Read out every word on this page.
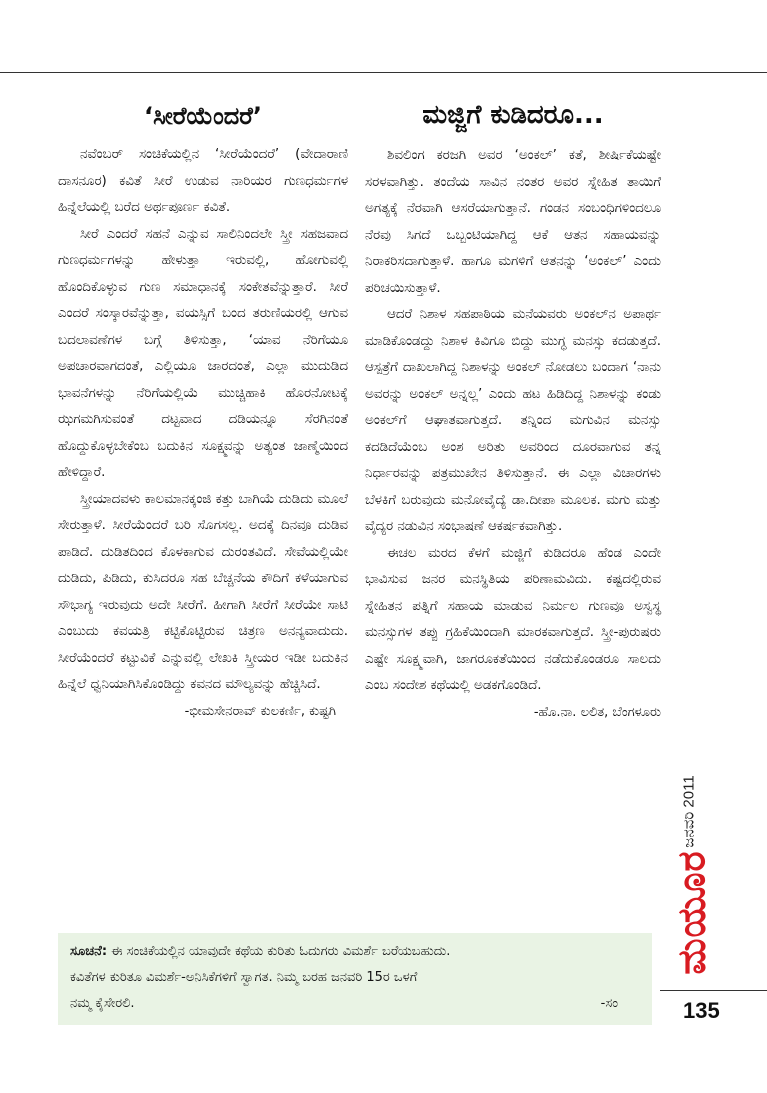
‘ಸೀರೆಯೆಂದರೆ’

ನವೆಂಬರ್ ಸಂಚಿಕೆಯಲ್ಲಿನ ‘ಸೀರೆಯೆಂದರೆ’ (ವೇದಾರಾಣಿ ದಾಸನೂರ) ಕವಿತೆ ಸೀರೆ ಉಡುವ ನಾರಿಯರ ಗುಣಧರ್ಮಗಳ ಹಿನ್ನೆಲೆಯಲ್ಲಿ ಬರೆದ ಅರ್ಥಪೂರ್ಣ ಕವಿತೆ.

ಸೀರೆ ಎಂದರೆ ಸಹನೆ ಎನ್ನುವ ಸಾಲಿನಿಂದಲೇ ಸ್ತ್ರೀ ಸಹಜವಾದ ಗುಣಧರ್ಮಗಳನ್ನು ಹೇಳುತ್ತಾ ಇರುವಲ್ಲಿ, ಹೋಗುವಲ್ಲಿ ಹೊಂದಿಕೊಳ್ಳುವ ಗುಣ ಸಮಾಧಾನಕ್ಕೆ ಸಂಕೇತವೆನ್ನುತ್ತಾರೆ. ಸೀರೆ ಎಂದರೆ ಸಂಸ್ಕಾರವೆನ್ನುತ್ತಾ, ವಯಸ್ಸಿಗೆ ಬಂದ ತರುಣಿಯರಲ್ಲಿ ಆಗುವ ಬದಲಾವಣೆಗಳ ಬಗ್ಗೆ ತಿಳಿಸುತ್ತಾ, ‘ಯಾವ ನೆರಿಗೆಯೂ ಅಪಚಾರವಾಗದಂತೆ, ಎಲ್ಲಿಯೂ ಜಾರದಂತೆ, ಎಲ್ಲಾ ಮುದುಡಿದ ಭಾವನೆಗಳನ್ನು ನೆರಿಗೆಯಲ್ಲಿಯೆ ಮುಚ್ಚಿಹಾಕಿ ಹೊರನೋಟಕ್ಕೆ ಝಗಮಗಿಸುವಂತೆ ದಟ್ಟವಾದ ದಡಿಯನ್ನೂ ಸೆರಗಿನಂತೆ ಹೊದ್ದುಕೊಳ್ಳಬೇಕೆಂಬ ಬದುಕಿನ ಸೂಕ್ಷ್ಮವನ್ನು ಅತ್ಯಂತ ಜಾಣ್ಮೆಯಿಂದ ಹೇಳಿದ್ದಾರೆ.

ಸ್ತ್ರೀಯಾದವಳು ಕಾಲಮಾನಕ್ಕಂಜಿ ಕತ್ತು ಬಾಗಿಯೆ ದುಡಿದು ಮೂಲೆ ಸೇರುತ್ತಾಳೆ. ಸೀರೆಯೆಂದರೆ ಬರಿ ಸೊಗಸಲ್ಲ. ಅದಕ್ಕೆ ದಿನವೂ ದುಡಿವ ಪಾಡಿದೆ. ದುಡಿತದಿಂದ ಕೊಳಕಾಗುವ ದುರಂತವಿದೆ. ಸೇವೆಯಲ್ಲಿಯೇ ದುಡಿದು, ಪಿಡಿದು, ಕುಸಿದರೂ ಸಹ ಬೆಚ್ಚನೆಯ ಕೌದಿಗೆ ಕಳೆಯಾಗುವ ಸೌಭಾಗ್ಯ ಇರುವುದು ಅದೇ ಸೀರೆಗೆ. ಹೀಗಾಗಿ ಸೀರೆಗೆ ಸೀರೆಯೇ ಸಾಟಿ ಎಂಬುದು ಕವಯತ್ರಿ ಕಟ್ಟಿಕೊಟ್ಟಿರುವ ಚಿತ್ರಣ ಅನನ್ಯವಾದುದು. ಸೀರೆಯೆಂದರೆ ಕಟ್ಟುವಿಕೆ ಎನ್ನುವಲ್ಲಿ ಲೇಖಕಿ ಸ್ತ್ರೀಯರ ಇಡೀ ಬದುಕಿನ ಹಿನ್ನೆಲೆ ಧ್ವನಿಯಾಗಿಸಿಕೊಂಡಿದ್ದು ಕವನದ ಮೌಲ್ಯವನ್ನು ಹೆಚ್ಚಿಸಿದೆ.

-ಭೀಮಸೇನರಾವ್ ಕುಲಕರ್ಣಿ, ಕುಷ್ಟಗಿ
ಮಜ್ಜಿಗೆ ಕುಡಿದರೂ...

ಶಿವಲಿಂಗ ಕರಜಗಿ ಅವರ ‘ಅಂಕಲ್’ ಕತೆ, ಶೀರ್ಷಿಕೆಯಷ್ಟೇ ಸರಳವಾಗಿತ್ತು. ತಂದೆಯ ಸಾವಿನ ನಂತರ ಅವರ ಸ್ನೇಹಿತ ತಾಯಿಗೆ ಅಗತ್ಯಕ್ಕೆ ನೆರವಾಗಿ ಆಸರೆಯಾಗುತ್ತಾನೆ. ಗಂಡನ ಸಂಬಂಧಿಗಳಿಂದಲೂ ನೆರವು ಸಿಗದೆ ಒಬ್ಬಂಟಿಯಾಗಿದ್ದ ಆಕೆ ಆತನ ಸಹಾಯವನ್ನು ನಿರಾಕರಿಸದಾಗುತ್ತಾಳೆ. ಹಾಗೂ ಮಗಳಿಗೆ ಆತನನ್ನು ‘ಅಂಕಲ್’ ಎಂದು ಪರಿಚಯಿಸುತ್ತಾಳೆ.

ಆದರೆ ನಿಶಾಳ ಸಹಪಾಠಿಯ ಮನೆಯವರು ಅಂಕಲ್‌ನ ಅಪಾರ್ಥ ಮಾಡಿಕೊಂಡದ್ದು ನಿಶಾಳ ಕಿವಿಗೂ ಬಿದ್ದು ಮುಗ್ಧ ಮನಸ್ಸು ಕದಡುತ್ತದೆ. ಆಸ್ಪತ್ರೆಗೆ ದಾಖಲಾಗಿದ್ದ ನಿಶಾಳನ್ನು ಅಂಕಲ್ ನೋಡಲು ಬಂದಾಗ ‘ನಾನು ಅವರನ್ನು ಅಂಕಲ್ ಅನ್ನಲ್ಲ’ ಎಂದು ಹಟ ಹಿಡಿದಿದ್ದ ನಿಶಾಳನ್ನು ಕಂಡು ಅಂಕಲ್‌ಗೆ ಆಘಾತವಾಗುತ್ತದೆ. ತನ್ನಿಂದ ಮಗುವಿನ ಮನಸ್ಸು ಕದಡಿದೆಯೆಂಬ ಅಂಶ ಅರಿತು ಅವರಿಂದ ದೂರವಾಗುವ ತನ್ನ ನಿರ್ಧಾರವನ್ನು ಪತ್ರಮುಖೇನ ತಿಳಿಸುತ್ತಾನೆ. ಈ ಎಲ್ಲಾ ವಿಚಾರಗಳು ಬೆಳಕಿಗೆ ಬರುವುದು ಮನೋವೈದ್ಯೆ ಡಾ.ದೀಪಾ ಮೂಲಕ. ಮಗು ಮತ್ತು ವೈದ್ಯರ ನಡುವಿನ ಸಂಭಾಷಣೆ ಆಕರ್ಷಕವಾಗಿತ್ತು.

ಈಚಲ ಮರದ ಕೆಳಗೆ ಮಜ್ಜಿಗೆ ಕುಡಿದರೂ ಹೆಂಡ ಎಂದೇ ಭಾವಿಸುವ ಜನರ ಮನಸ್ಥಿತಿಯ ಪರಿಣಾಮವಿದು. ಕಷ್ಟದಲ್ಲಿರುವ ಸ್ನೇಹಿತನ ಪತ್ನಿಗೆ ಸಹಾಯ ಮಾಡುವ ನಿರ್ಮಲ ಗುಣವೂ ಅಸ್ವಸ್ಥ ಮನಸ್ಸುಗಳ ತಪ್ಪು ಗ್ರಹಿಕೆಯಿಂದಾಗಿ ಮಾರಕವಾಗುತ್ತದೆ. ಸ್ತ್ರೀ-ಪುರುಷರು ಎಷ್ಟೇ ಸೂಕ್ಷ್ಮವಾಗಿ, ಜಾಗರೂಕತೆಯಿಂದ ನಡೆದುಕೊಂಡರೂ ಸಾಲದು ಎಂಬ ಸಂದೇಶ ಕಥೆಯಲ್ಲಿ ಅಡಕಗೊಂಡಿದೆ.

-ಹೊ.ನಾ. ಲಲಿತ, ಬೆಂಗಳೂರು
ಸೂಚನೆ: ಈ ಸಂಚಿಕೆಯಲ್ಲಿನ ಯಾವುದೇ ಕಥೆಯ ಕುರಿತು ಓದುಗರು ವಿಮರ್ಶೆ ಬರೆಯಬಹುದು.
ಕವಿತೆಗಳ ಕುರಿತೂ ವಿಮರ್ಶೆ-ಅನಿಸಿಕೆಗಳಿಗೆ ಸ್ವಾಗತ. ನಿಮ್ಮ ಬರಹ ಜನವರಿ 15ರ ಒಳಗೆ
ನಮ್ಮ ಕೈಸೇರಲಿ.	-ಸಂ
ಜನವರಿ 2011
ಮಯೂರ
135
